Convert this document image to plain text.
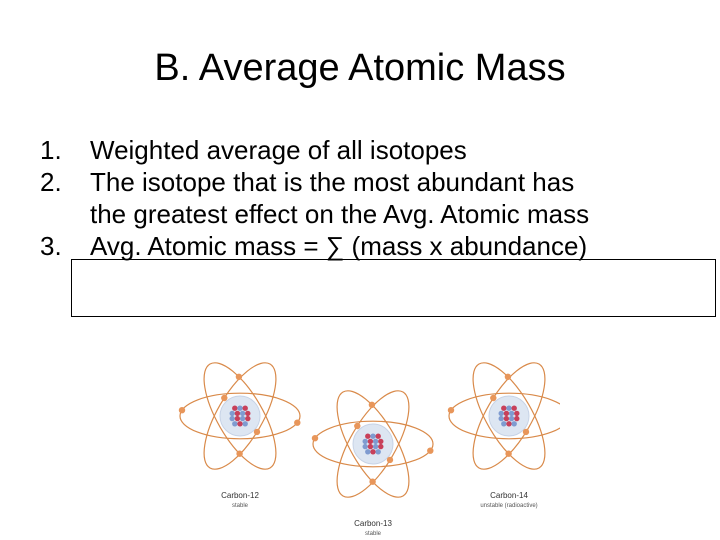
B. Average Atomic Mass
1. Weighted average of all isotopes
2. The isotope that is the most abundant has
the greatest effect on the Avg. Atomic mass
3. Avg. Atomic mass = ∑ (mass x abundance)
Carbon-12
stable
Carbon-13
stable
Carbon-14
unstable (radioactive)
